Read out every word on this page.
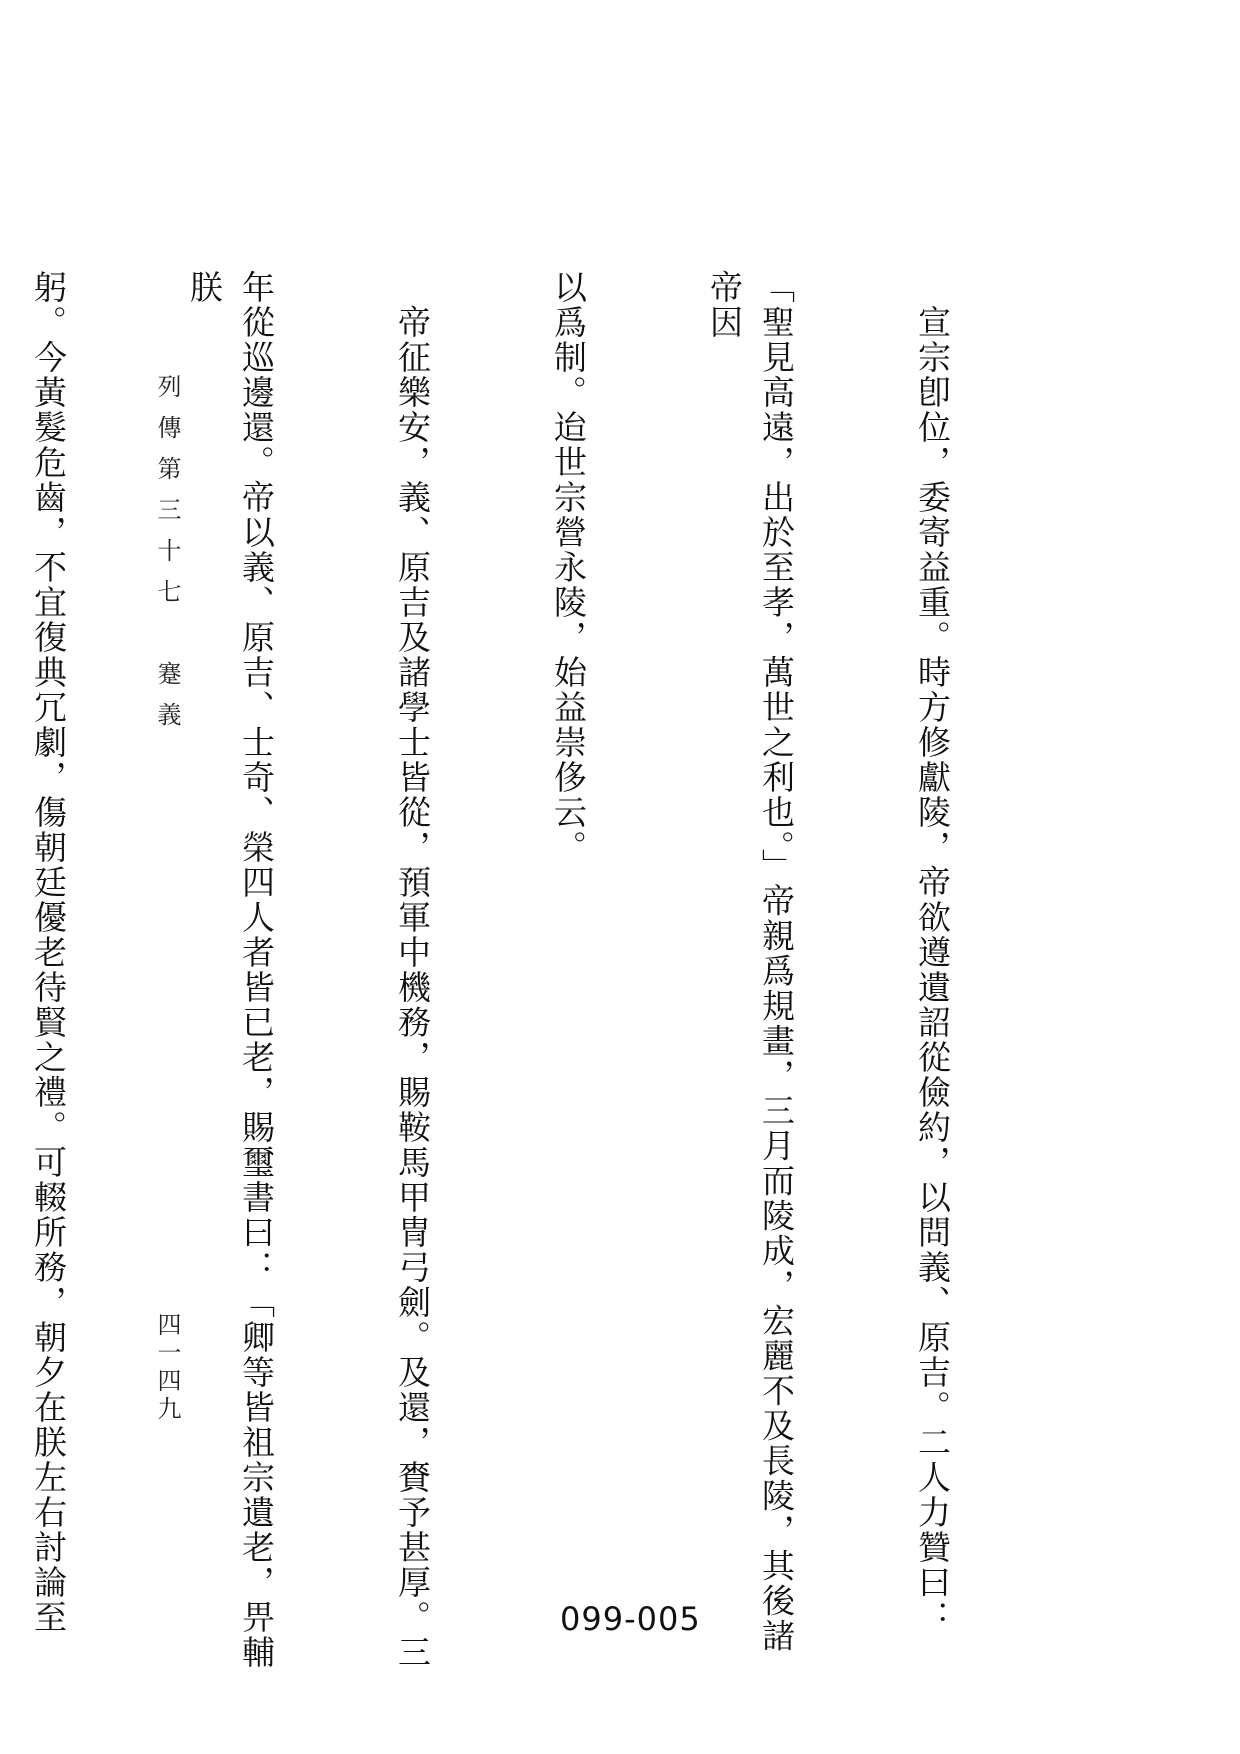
宣宗卽位，委寄益重。時方修獻陵，帝欲遵遺詔從儉約，以問義、原吉。二人力贊曰：

「聖見高遠，出於至孝，萬世之利也。」帝親爲規畫，三月而陵成，宏麗不及長陵，其後諸帝因

以爲制。迨世宗營永陵，始益崇侈云。

帝征樂安，義、原吉及諸學士皆從，預軍中機務，賜鞍馬甲冑弓劍。及還，賚予甚厚。三

年從巡邊還。帝以義、原吉、士奇、榮四人者皆已老，賜璽書曰：「卿等皆祖宗遺老，畀輔朕

躬。今黃髮危齒，不宜復典冗劇，傷朝廷優老待賢之禮。可輟所務，朝夕在朕左右討論至

	列傳第三十七　蹇義
四一四九
099-005
